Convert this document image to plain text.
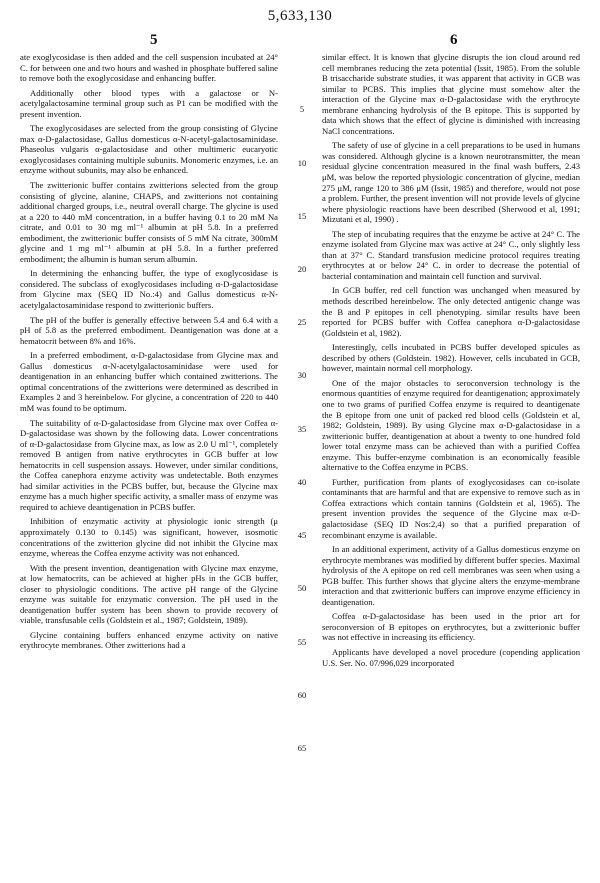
5,633,130
5	6

ate exoglycosidase is then added and the cell suspension incubated at 24° C. for between one and two hours and washed in phosphate buffered saline to remove both the exoglycosidase and enhancing buffer.

Additionally other blood types with a galactose or N-acetylgalactosamine terminal group such as P1 can be modified with the present invention.

The exoglycosidases are selected from the group consisting of Glycine max α-D-galactosidase, Gallus domesticus α-N-acetyl-galactosaminidase. Phaseolus vulgaris α-galactosidase and other multimeric eucaryotic exoglycosidases containing multiple subunits. Monomeric enzymes, i.e. an enzyme without subunits, may also be enhanced.

The zwitterionic buffer contains zwitterions selected from the group consisting of glycine, alanine, CHAPS, and zwitterions not containing additional charged groups, i.e., neutral overall charge. The glycine is used at a 220 to 440 mM concentration, in a buffer having 0.1 to 20 mM Na citrate, and 0.01 to 30 mg ml⁻¹ albumin at pH 5.8. In a preferred embodiment, the zwitterionic buffer consists of 5 mM Na citrate, 300mM glycine and 1 mg ml⁻¹ albumin at pH 5.8. In a further preferred embodiment; the albumin is human serum albumin.

In determining the enhancing buffer, the type of exoglycosidase is considered. The subclass of exoglycosidases including α-D-galactosidase from Glycine max (SEQ ID No.:4) and Gallus domesticus α-N-acetylgalactosaminidase respond to zwitterionic buffers.

The pH of the buffer is generally effective between 5.4 and 6.4 with a pH of 5.8 as the preferred embodiment. Deantigenation was done at a hematocrit between 8% and 16%.

In a preferred embodiment, α-D-galactosidase from Glycine max and Gallus domesticus α-N-acetylgalactosaminidase were used for deantigenation in an enhancing buffer which contained zwitterions. The optimal concentrations of the zwitterions were determined as described in Examples 2 and 3 hereinbelow. For glycine, a concentration of 220 to 440 mM was found to be optimum.

The suitability of α-D-galactosidase from Glycine max over Coffea α-D-galactosidase was shown by the following data. Lower concentrations of α-D-galactosidase from Glycine max, as low as 2.0 U ml⁻¹, completely removed B antigen from native erythrocytes in GCB buffer at low hematocrits in cell suspension assays. However, under similar conditions, the Coffea canephora enzyme activity was undetectable. Both enzymes had similar activities in the PCBS buffer, but, because the Glycine max enzyme has a much higher specific activity, a smaller mass of enzyme was required to achieve deantigenation in PCBS buffer.

Inhibition of enzymatic activity at physiologic ionic strength (μ approximately 0.130 to 0.145) was significant, however, isosmotic concentrations of the zwitterion glycine did not inhibit the Glycine max enzyme, whereas the Coffea enzyme activity was not enhanced.

With the present invention, deantigenation with Glycine max enzyme, at low hematocrits, can be achieved at higher pHs in the GCB buffer, closer to physiologic conditions. The active pH range of the Glycine enzyme was suitable for enzymatic conversion. The pH used in the deantigenation buffer system has been shown to provide recovery of viable, transfusable cells (Goldstein et al., 1987; Goldstein, 1989).

Glycine containing buffers enhanced enzyme activity on native erythrocyte membranes. Other zwitterions had a

5
10
15
20
25
30
35
40
45
50
55
60
65

similar effect. It is known that glycine disrupts the ion cloud around red cell membranes reducing the zeta potential (Issit, 1985). From the soluble B trisaccharide substrate studies, it was apparent that activity in GCB was similar to PCBS. This implies that glycine must somehow alter the interaction of the Glycine max α-D-galactosidase with the erythrocyte membrane enhancing hydrolysis of the B epitope. This is supported by data which shows that the effect of glycine is diminished with increasing NaCl concentrations.

The safety of use of glycine in a cell preparations to be used in humans was considered. Although glycine is a known neurotransmitter, the mean residual glycine concentration measured in the final wash buffers, 2.43 μM, was below the reported physiologic concentration of glycine, median 275 μM, range 120 to 386 μM (Issit, 1985) and therefore, would not pose a problem. Further, the present invention will not provide levels of glycine where physiologic reactions have been described (Sherwood et al, 1991; Mizutani et al, 1990) .

The step of incubating requires that the enzyme be active at 24° C. The enzyme isolated from Glycine max was active at 24° C., only slightly less than at 37° C. Standard transfusion medicine protocol requires treating erythrocytes at or below 24° C. in order to decrease the potential of bacterial contamination and maintain cell function and survival.

In GCB buffer, red cell function was unchanged when measured by methods described hereinbelow. The only detected antigenic change was the B and P epitopes in cell phenotyping. similar results have been reported for PCBS buffer with Coffea canephora α-D-galactosidase (Goldstein et al, 1982).

Interestingly, cells incubated in PCBS buffer developed spicules as described by others (Goldstein. 1982). However, cells incubated in GCB, however, maintain normal cell morphology.

One of the major obstacles to seroconversion technology is the enormous quantities of enzyme required for deantigenation; approximately one to two grams of purified Coffea enzyme is required to deantigenate the B epitope from one unit of packed red blood cells (Goldstein et al, 1982; Goldstein, 1989). By using Glycine max α-D-galactosidase in a zwitterionic buffer, deantigenation at about a twenty to one hundred fold lower total enzyme mass can be achieved than with a purified Coffea enzyme. This buffer-enzyme combination is an economically feasible alternative to the Coffea enzyme in PCBS.

Further, purification from plants of exoglycosidases can co-isolate contaminants that are harmful and that are expensive to remove such as in Coffea extractions which contain tannins (Goldstein et al, 1965). The present invention provides the sequence of the Glycine max α-D-galactosidase (SEQ ID Nos:2,4) so that a purified preparation of recombinant enzyme is available.

In an additional experiment, activity of a Gallus domesticus enzyme on erythrocyte membranes was modified by different buffer species. Maximal hydrolysis of the A epitope on red cell membranes was seen when using a PGB buffer. This further shows that glycine alters the enzyme-membrane interaction and that zwitterionic buffers can improve enzyme efficiency in deantigenation.

Coffea α-D-galactosidase has been used in the prior art for seroconversion of B epitopes on erythrocytes, but a zwitterionic buffer was not effective in increasing its efficiency.

Applicants have developed a novel procedure (copending application U.S. Ser. No. 07/996,029 incorporated
